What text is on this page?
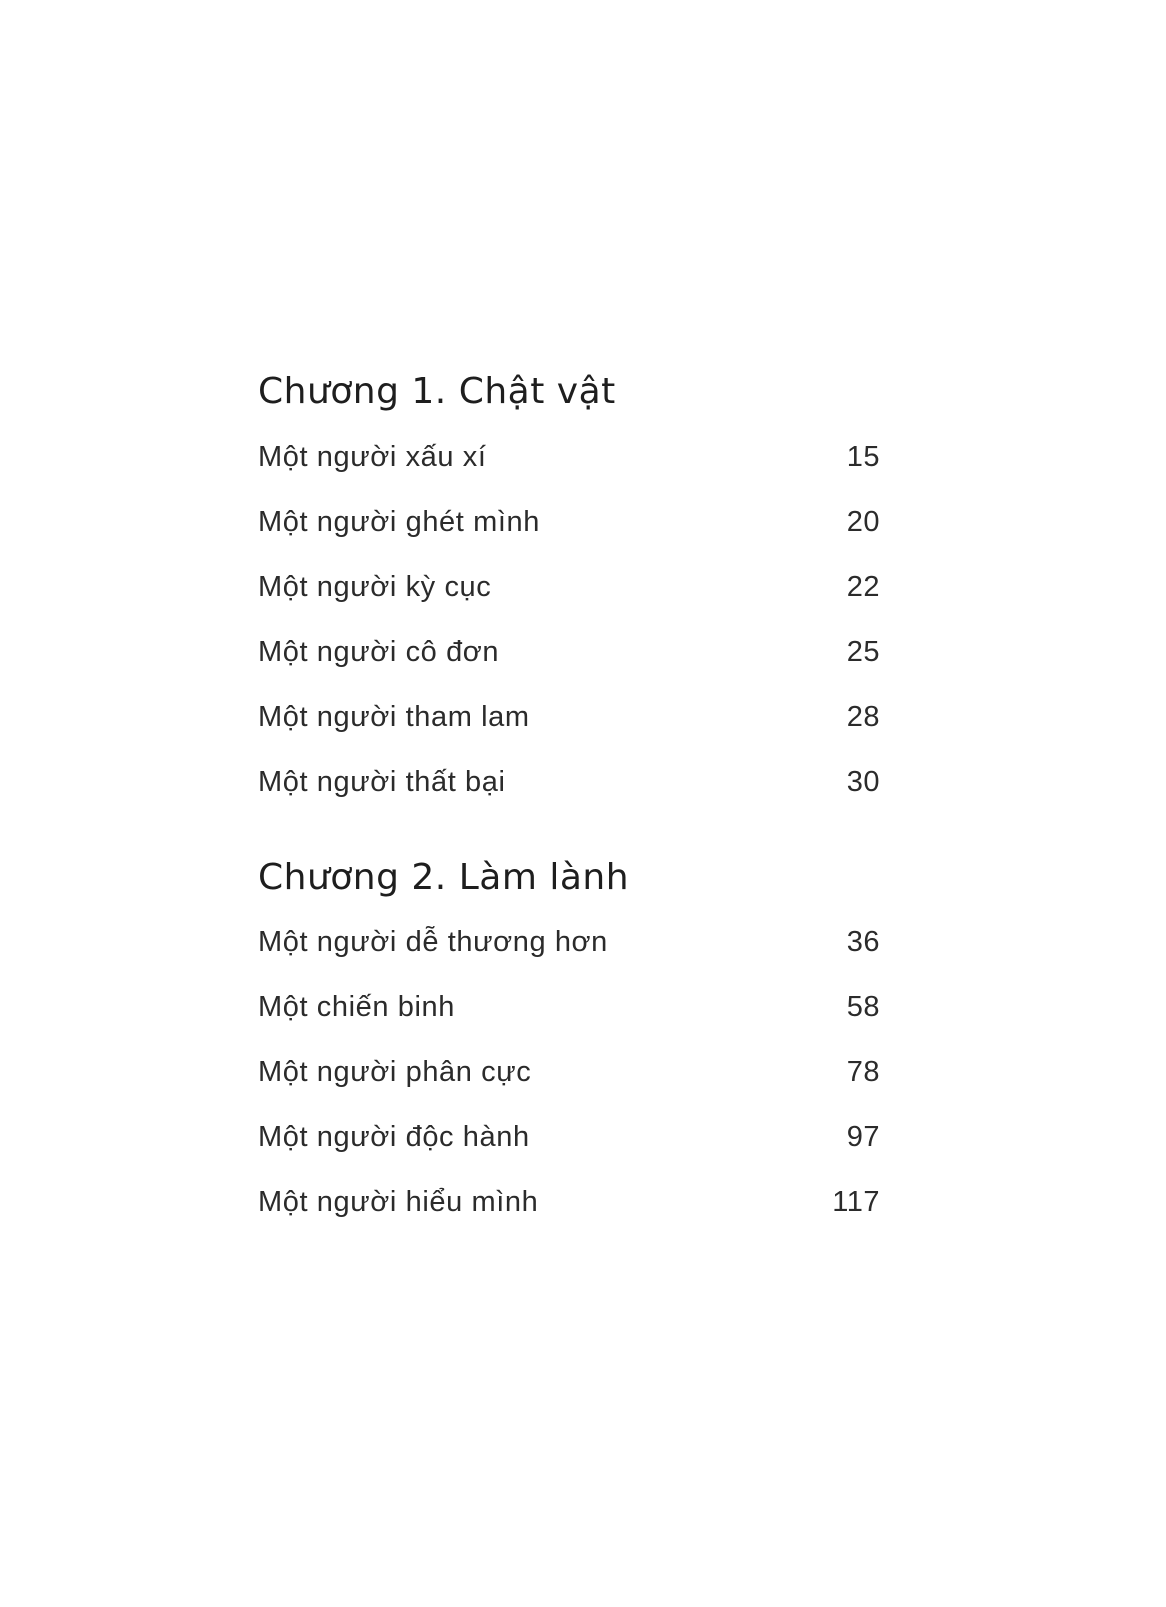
Chương 1. Chật vật
Một người xấu xí	15
Một người ghét mình	20
Một người kỳ cục	22
Một người cô đơn	25
Một người tham lam	28
Một người thất bại	30
Chương 2. Làm lành
Một người dễ thương hơn	36
Một chiến binh	58
Một người phân cực	78
Một người độc hành	97
Một người hiểu mình	117
